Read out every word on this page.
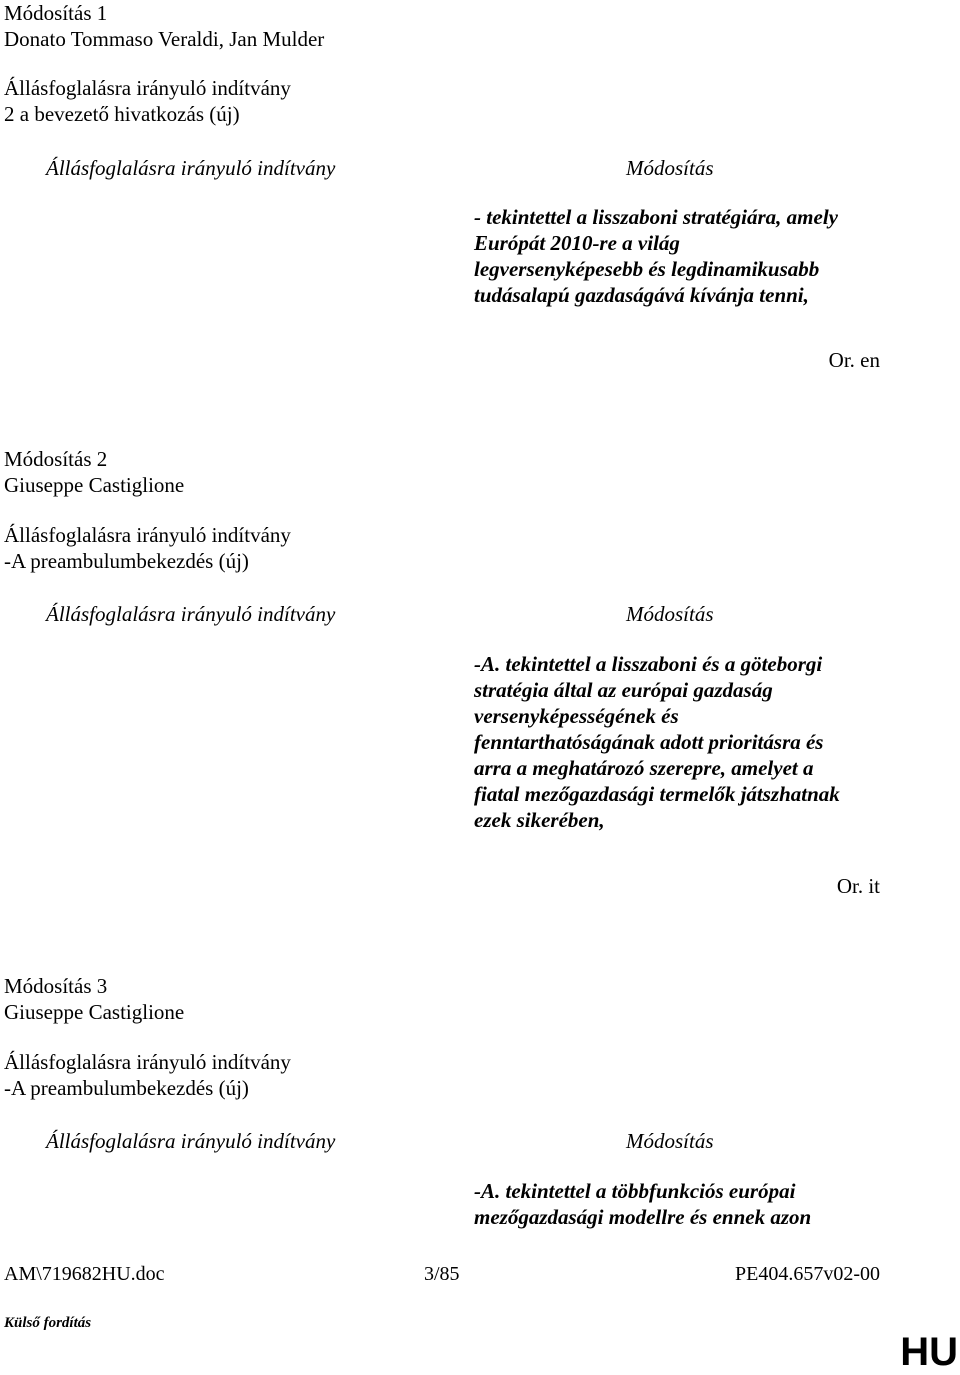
Módosítás 1
Donato Tommaso Veraldi, Jan Mulder
Állásfoglalásra irányuló indítvány
2 a bevezető hivatkozás (új)
Állásfoglalásra irányuló indítvány	Módosítás
- tekintettel a lisszaboni stratégiára, amely
Európát 2010-re a világ
legversenyképesebb és legdinamikusabb
tudásalapú gazdaságává kívánja tenni,
Or. en
Módosítás 2
Giuseppe Castiglione
Állásfoglalásra irányuló indítvány
-A preambulumbekezdés (új)
Állásfoglalásra irányuló indítvány	Módosítás
-A. tekintettel a lisszaboni és a göteborgi
stratégia által az európai gazdaság
versenyképességének és
fenntarthatóságának adott prioritásra és
arra a meghatározó szerepre, amelyet a
fiatal mezőgazdasági termelők játszhatnak
ezek sikerében,
Or. it
Módosítás 3
Giuseppe Castiglione
Állásfoglalásra irányuló indítvány
-A preambulumbekezdés (új)
Állásfoglalásra irányuló indítvány	Módosítás
-A. tekintettel a többfunkciós európai
mezőgazdasági modellre és ennek azon
AM\719682HU.doc	3/85	PE404.657v02-00
Külső fordítás
HU
